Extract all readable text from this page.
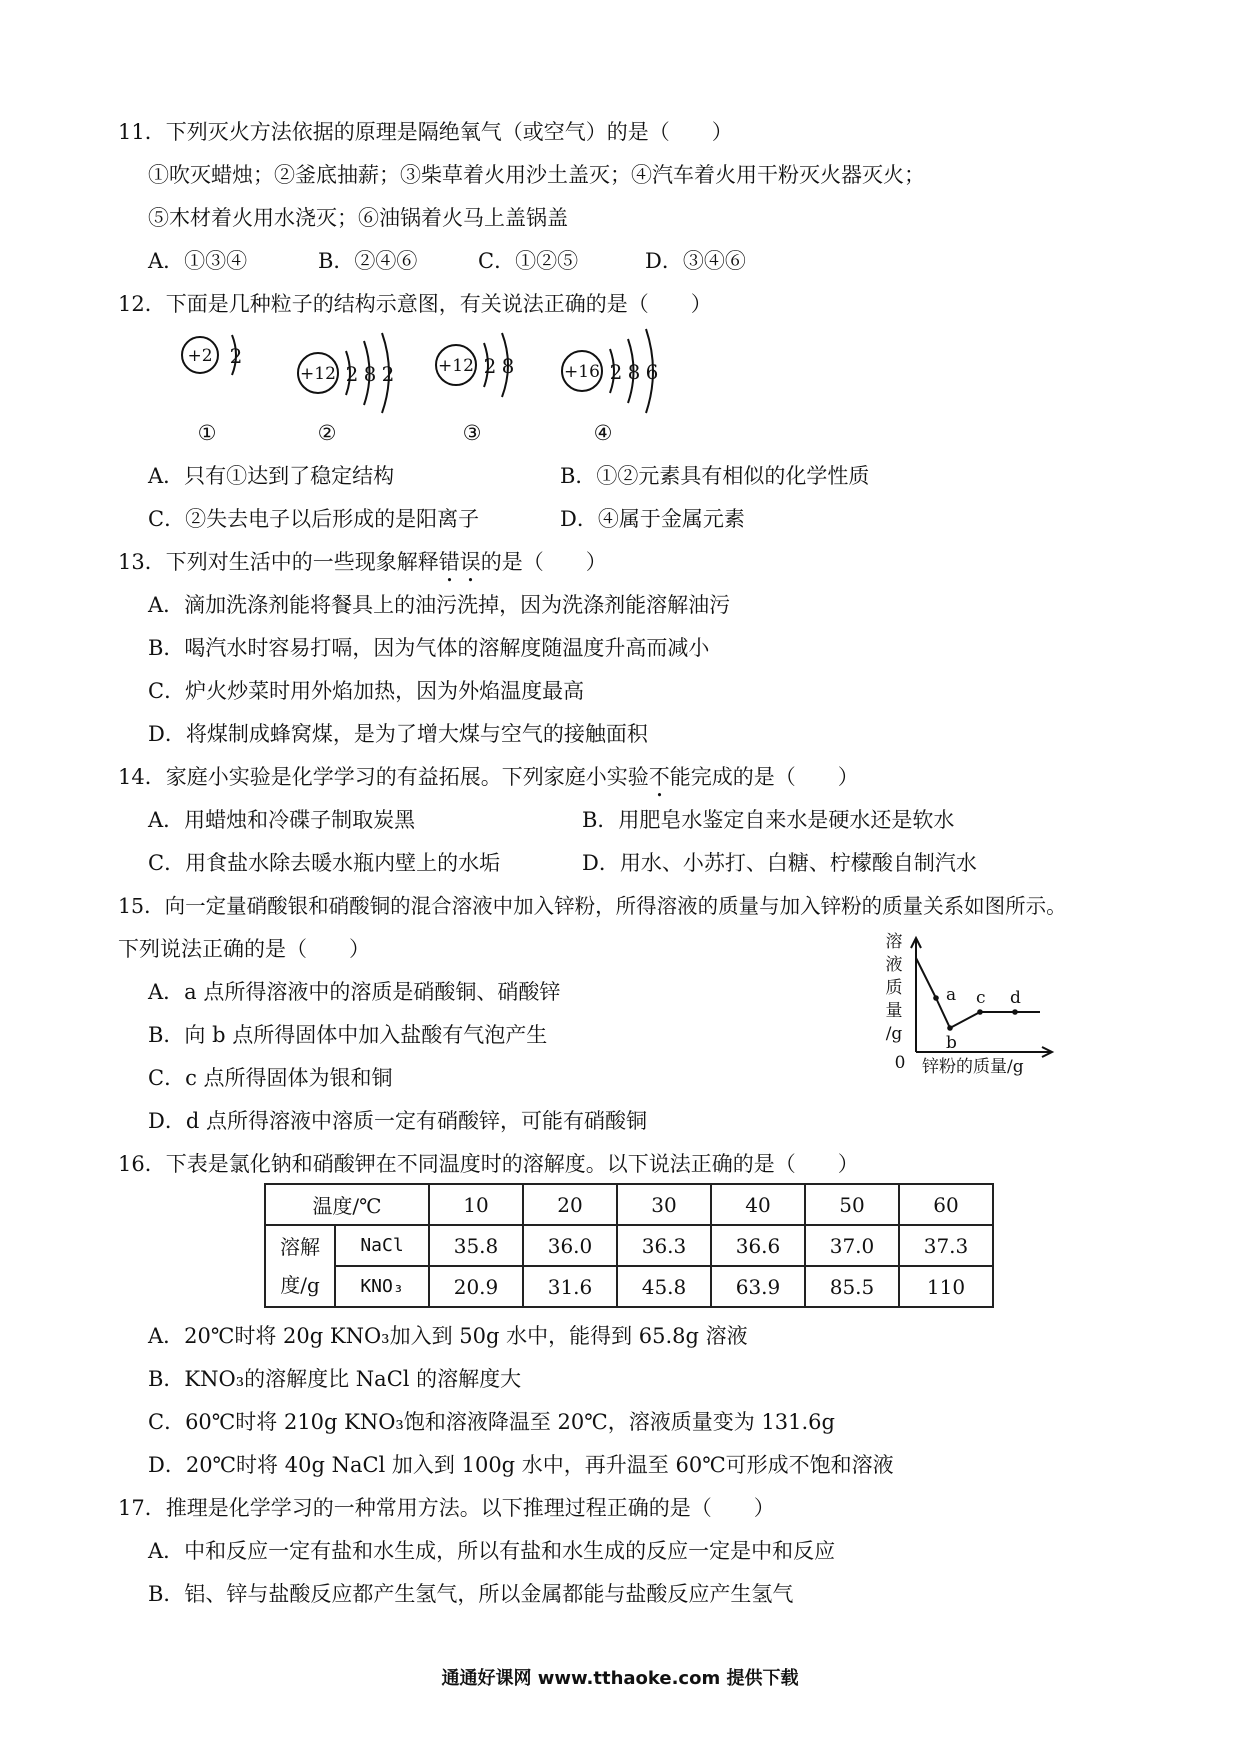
11．下列灭火方法依据的原理是隔绝氧气（或空气）的是（　　）
①吹灭蜡烛；②釜底抽薪；③柴草着火用沙土盖灭；④汽车着火用干粉灭火器灭火；
⑤木材着火用水浇灭；⑥油锅着火马上盖锅盖
A．①③④	B．②④⑥	C．①②⑤	D．③④⑥
12．下面是几种粒子的结构示意图，有关说法正确的是（　　）
+2 2
+12 2 8 2	+12 2 8	+16 2 8 6
①	②	③	④
A．只有①达到了稳定结构	B．①②元素具有相似的化学性质
C．②失去电子以后形成的是阳离子	D．④属于金属元素
13．下列对生活中的一些现象解释错误的是（　　）
A．滴加洗涤剂能将餐具上的油污洗掉，因为洗涤剂能溶解油污
B．喝汽水时容易打嗝，因为气体的溶解度随温度升高而减小
C．炉火炒菜时用外焰加热，因为外焰温度最高
D．将煤制成蜂窝煤，是为了增大煤与空气的接触面积
14．家庭小实验是化学学习的有益拓展。下列家庭小实验不能完成的是（　　）
A．用蜡烛和冷碟子制取炭黑	B．用肥皂水鉴定自来水是硬水还是软水
C．用食盐水除去暖水瓶内壁上的水垢	D．用水、小苏打、白糖、柠檬酸自制汽水
15．向一定量硝酸银和硝酸铜的混合溶液中加入锌粉，所得溶液的质量与加入锌粉的质量关系如图所示。
下列说法正确的是（　　）
A．a 点所得溶液中的溶质是硝酸铜、硝酸锌
B．向 b 点所得固体中加入盐酸有气泡产生
C．c 点所得固体为银和铜
D．d 点所得溶液中溶质一定有硝酸锌，可能有硝酸铜
溶
液
质
量
/g
0 锌粉的质量/g
a
b
c d
16．下表是氯化钠和硝酸钾在不同温度时的溶解度。以下说法正确的是（　　）
温度/℃		10	20	30	40	50	60
溶解
度/g	NaCl	35.8	36.0	36.3	36.6	37.0	37.3
	KNO₃	20.9	31.6	45.8	63.9	85.5	110
A．20℃时将 20g KNO₃加入到 50g 水中，能得到 65.8g 溶液
B．KNO₃的溶解度比 NaCl 的溶解度大
C．60℃时将 210g KNO₃饱和溶液降温至 20℃，溶液质量变为 131.6g
D．20℃时将 40g NaCl 加入到 100g 水中，再升温至 60℃可形成不饱和溶液
17．推理是化学学习的一种常用方法。以下推理过程正确的是（　　）
A．中和反应一定有盐和水生成，所以有盐和水生成的反应一定是中和反应
B．铝、锌与盐酸反应都产生氢气，所以金属都能与盐酸反应产生氢气
通通好课网 www.tthaoke.com 提供下载
